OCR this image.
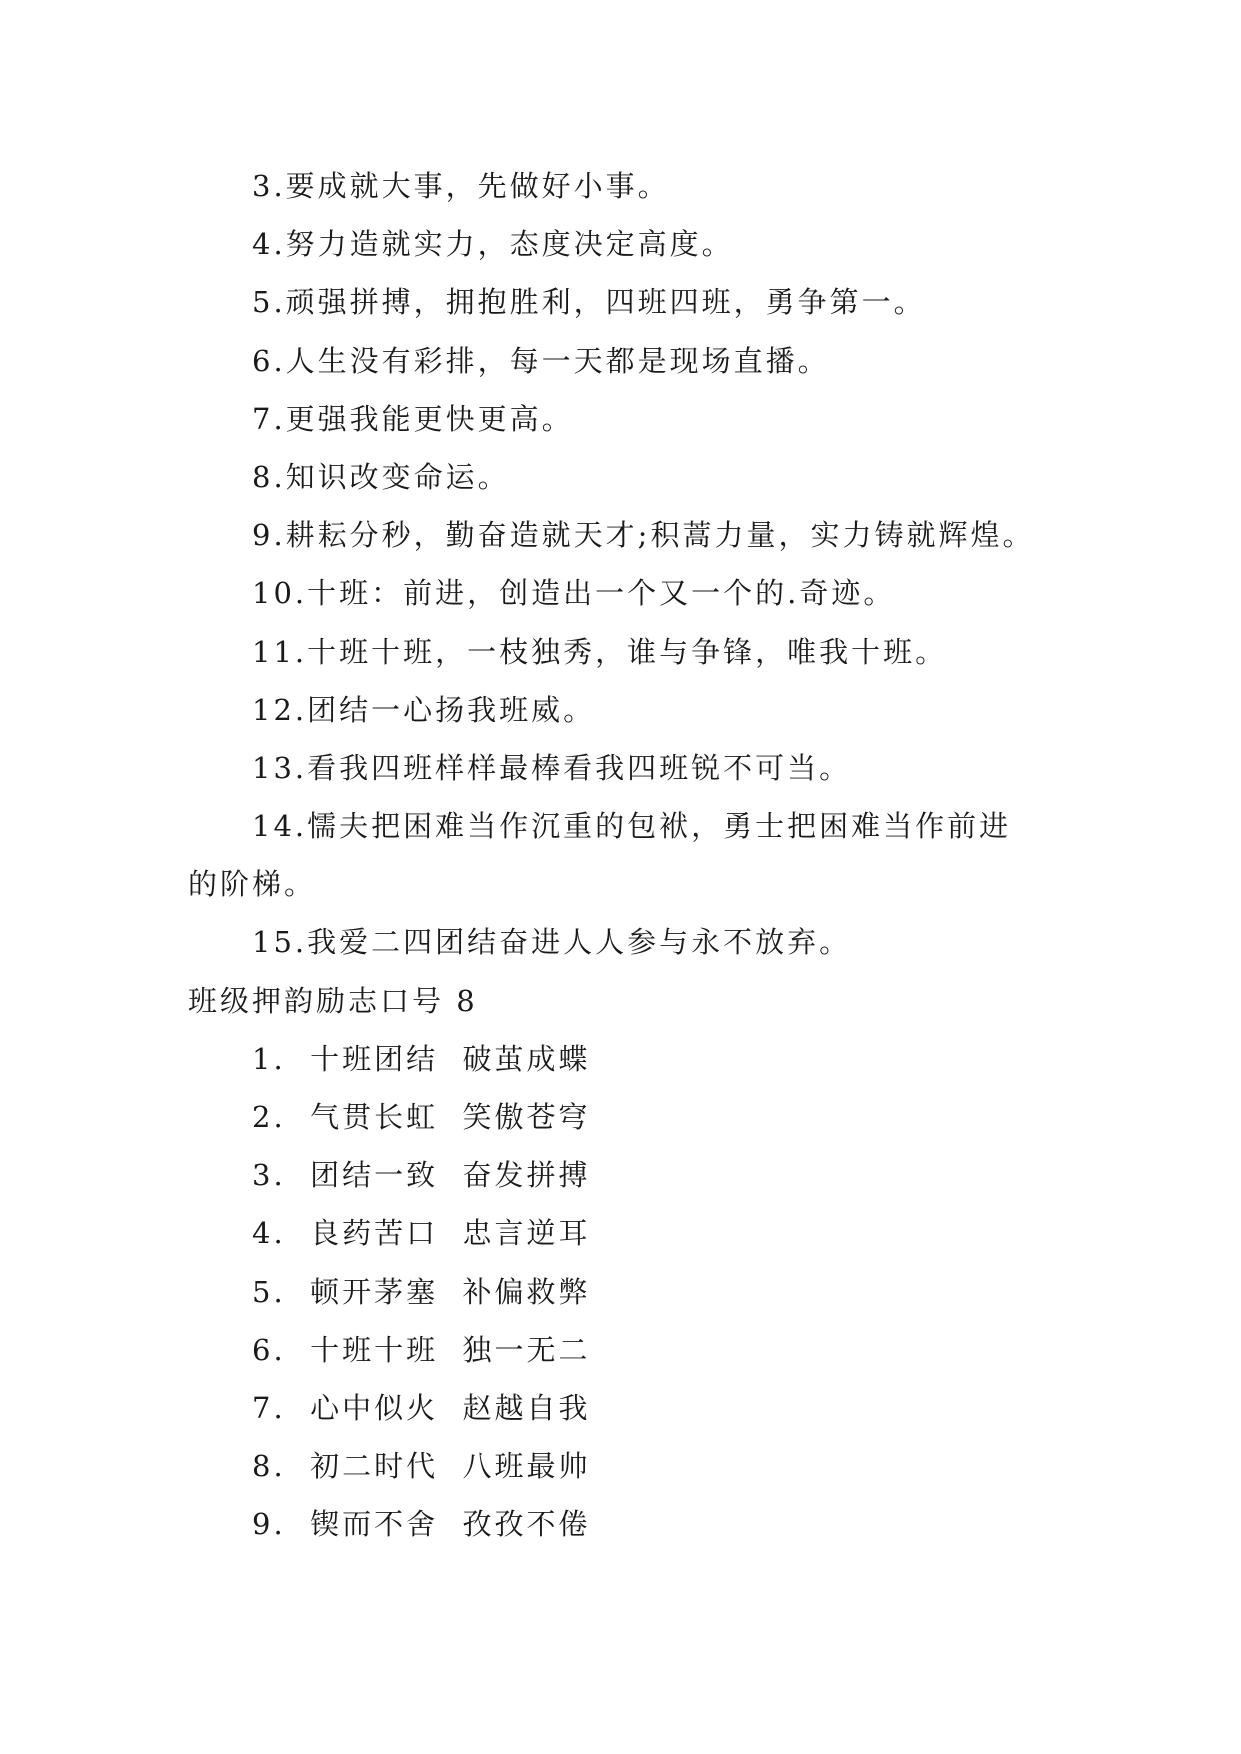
3.要成就大事，先做好小事。
4.努力造就实力，态度决定高度。
5.顽强拼搏，拥抱胜利，四班四班，勇争第一。
6.人生没有彩排，每一天都是现场直播。
7.更强我能更快更高。
8.知识改变命运。
9.耕耘分秒，勤奋造就天才;积蒿力量，实力铸就辉煌。
10.十班：前进，创造出一个又一个的.奇迹。
11.十班十班，一枝独秀，谁与争锋，唯我十班。
12.团结一心扬我班威。
13.看我四班样样最棒看我四班锐不可当。
14.懦夫把困难当作沉重的包袱，勇士把困难当作前进
的阶梯。
15.我爱二四团结奋进人人参与永不放弃。
班级押韵励志口号 8
1.  十班团结  破茧成蝶
2.  气贯长虹  笑傲苍穹
3.  团结一致  奋发拼搏
4.  良药苦口  忠言逆耳
5.  顿开茅塞  补偏救弊
6.  十班十班  独一无二
7.  心中似火  赵越自我
8.  初二时代  八班最帅
9.  锲而不舍  孜孜不倦
